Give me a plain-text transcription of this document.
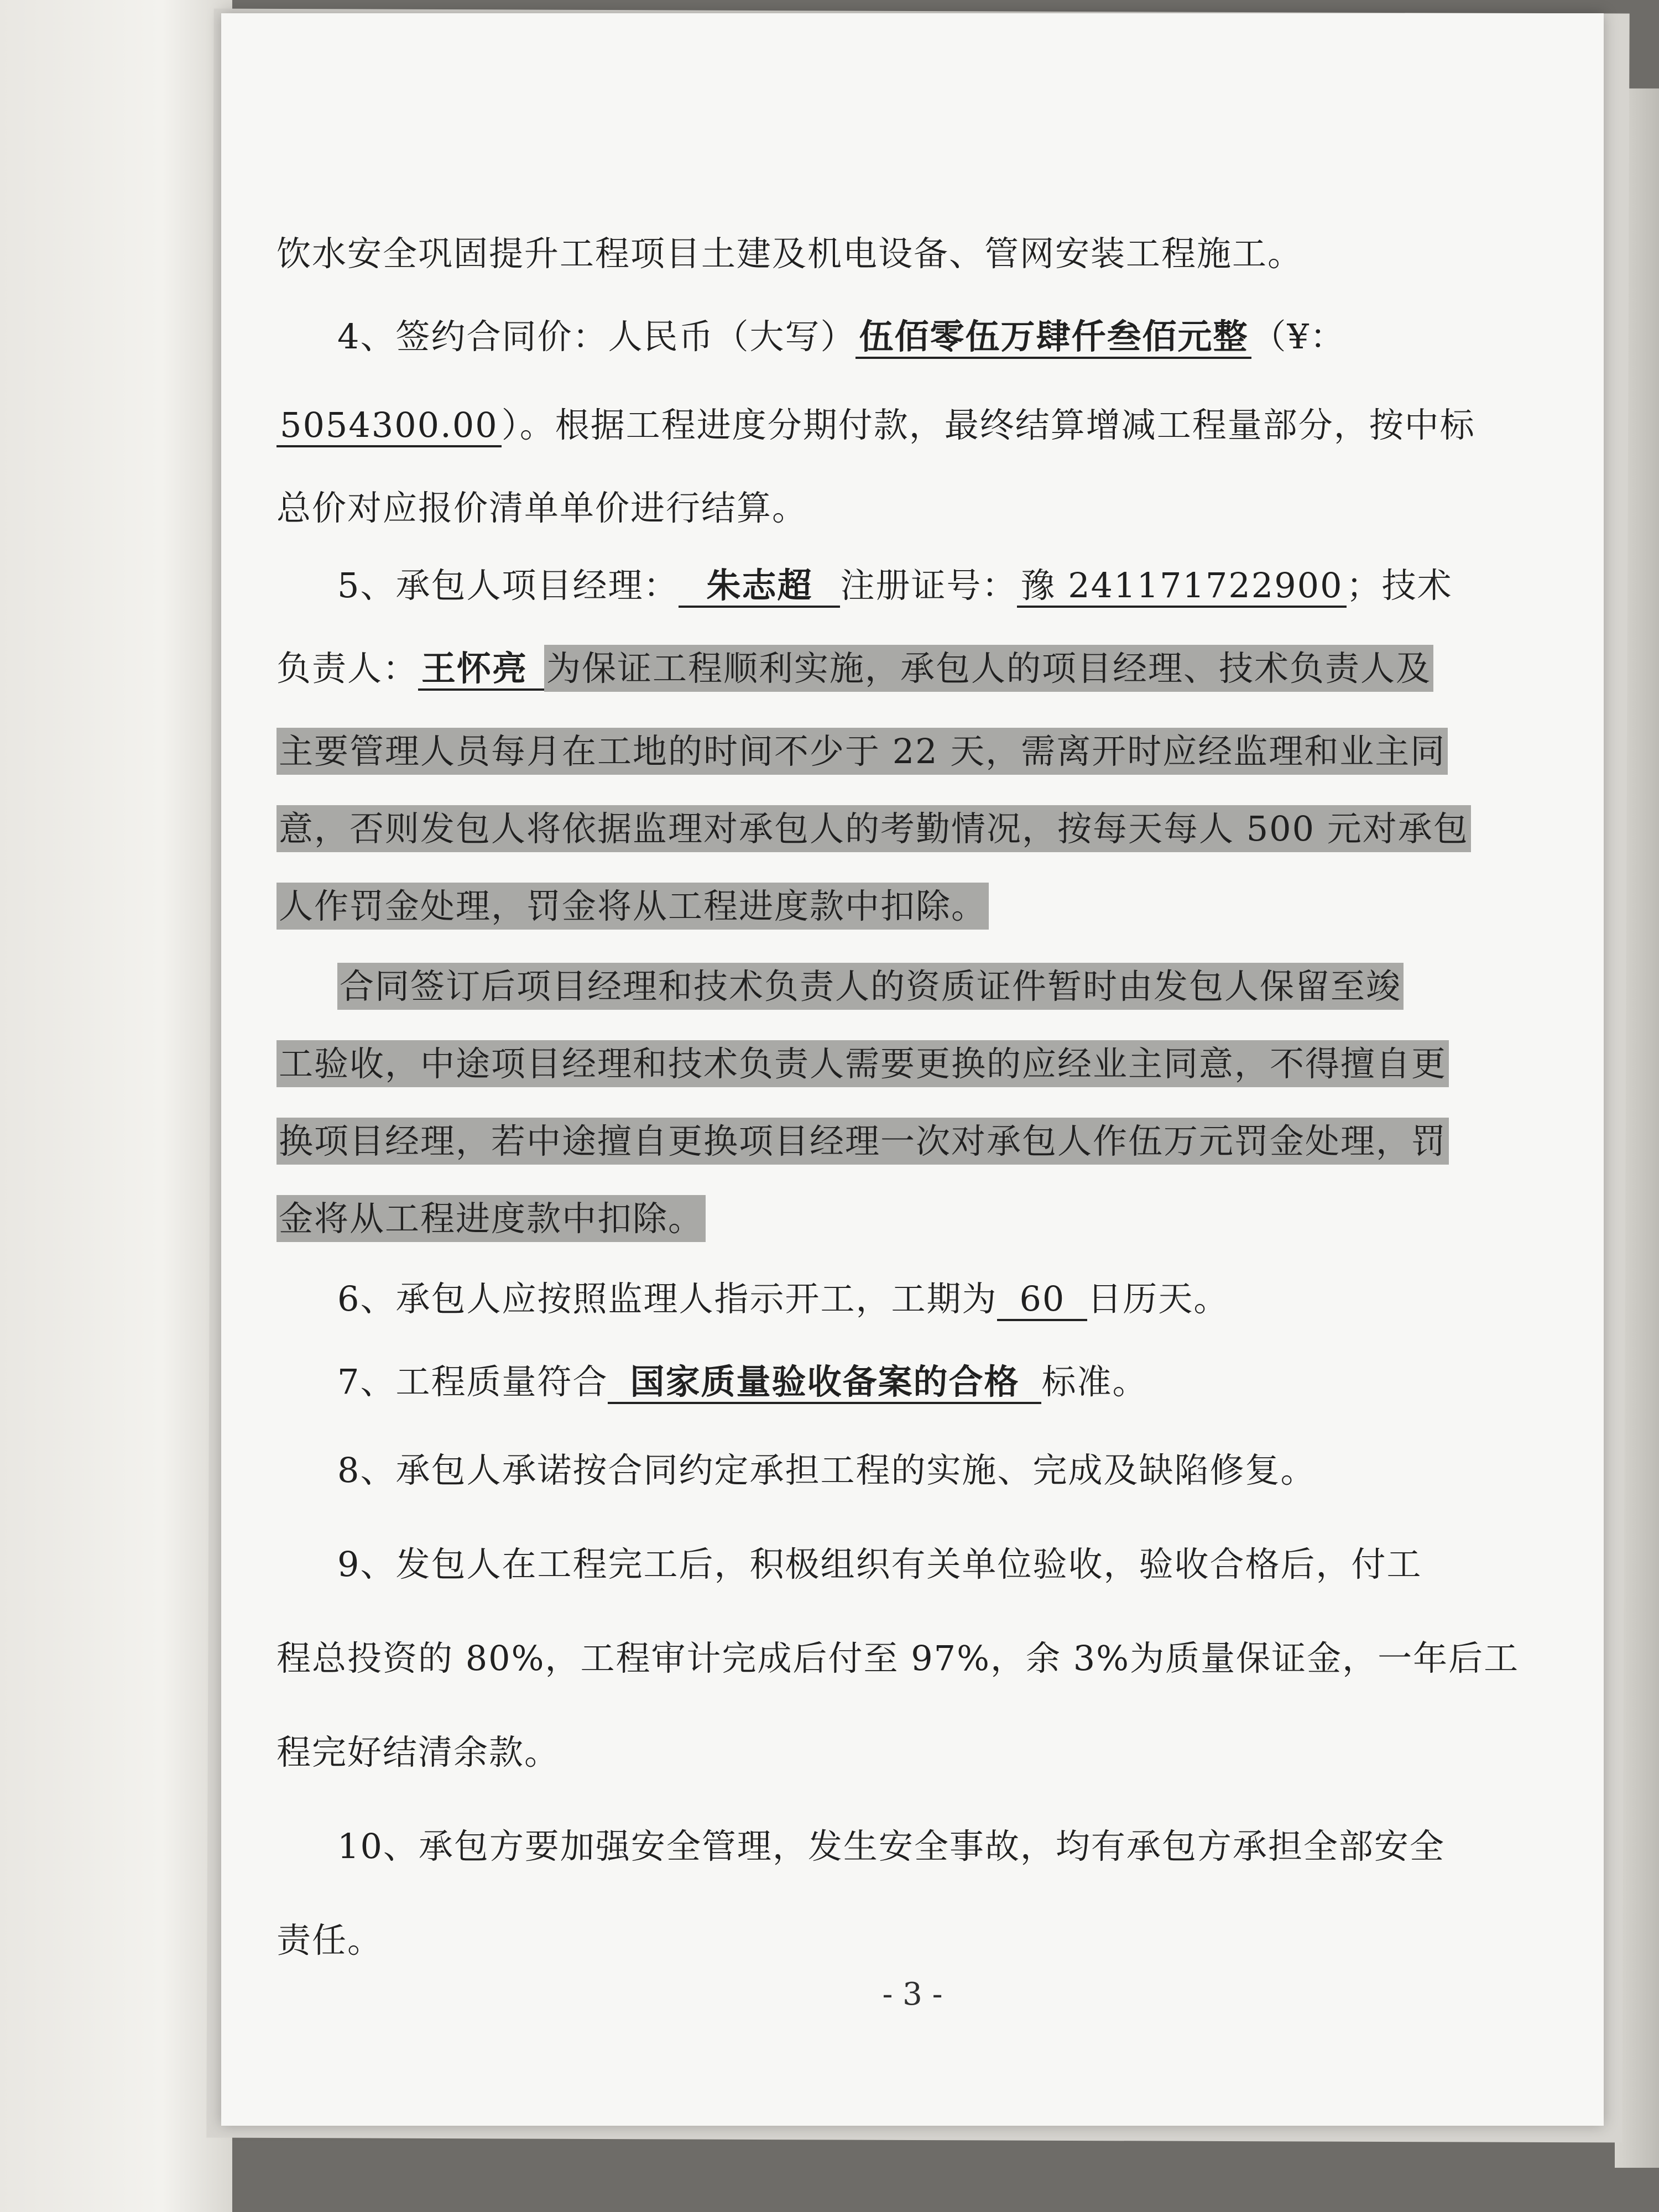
饮水安全巩固提升工程项目土建及机电设备、管网安装工程施工。
4、签约合同价：人民币（大写）伍佰零伍万肆仟叁佰元整（¥：
5054300.00）。根据工程进度分期付款，最终结算增减工程量部分，按中标
总价对应报价清单单价进行结算。
5、承包人项目经理： 朱志超 注册证号：豫 241171722900；技术
负责人：王怀亮 为保证工程顺利实施，承包人的项目经理、技术负责人及
主要管理人员每月在工地的时间不少于 22 天，需离开时应经监理和业主同
意，否则发包人将依据监理对承包人的考勤情况，按每天每人 500 元对承包
人作罚金处理，罚金将从工程进度款中扣除。
合同签订后项目经理和技术负责人的资质证件暂时由发包人保留至竣
工验收，中途项目经理和技术负责人需要更换的应经业主同意，不得擅自更
换项目经理，若中途擅自更换项目经理一次对承包人作伍万元罚金处理，罚
金将从工程进度款中扣除。
6、承包人应按照监理人指示开工，工期为 60 日历天。
7、工程质量符合 国家质量验收备案的合格 标准。
8、承包人承诺按合同约定承担工程的实施、完成及缺陷修复。
9、发包人在工程完工后，积极组织有关单位验收，验收合格后，付工
程总投资的 80%，工程审计完成后付至 97%，余 3%为质量保证金，一年后工
程完好结清余款。
10、承包方要加强安全管理，发生安全事故，均有承包方承担全部安全
责任。
- 3 -
